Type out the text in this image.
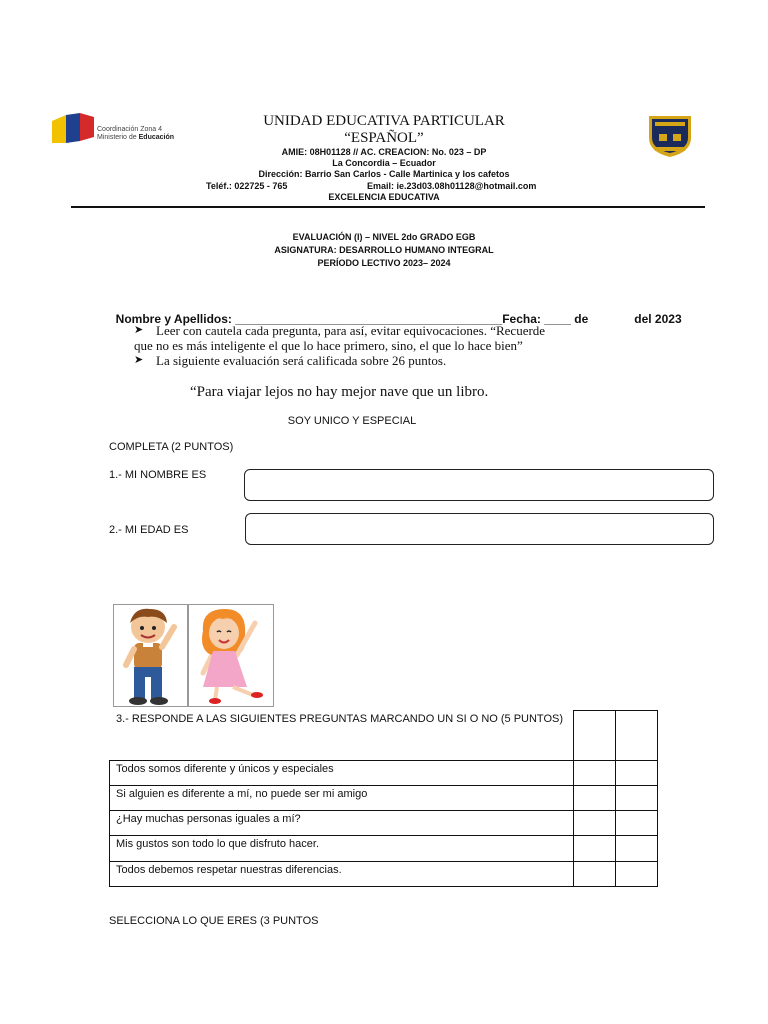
Coordinación Zona 4
Ministerio de Educación
UNIDAD EDUCATIVA PARTICULAR
“ESPAÑOL”
AMIE: 08H01128 // AC. CREACION: No. 023 – DP
La Concordia – Ecuador
Dirección: Barrio San Carlos - Calle Martinica y los cafetos
Teléf.: 022725 - 765	Email: ie.23d03.08h01128@hotmail.com
EXCELENCIA EDUCATIVA
EVALUACIÓN (I) – NIVEL 2do GRADO EGB
ASIGNATURA: DESARROLLO HUMANO INTEGRAL
PERÍODO LECTIVO 2023– 2024

Nombre y Apellidos: ________________________________________Fecha: ____ de	del 2023

➤ Leer con cautela cada pregunta, para así, evitar equivocaciones. “Recuerde
que no es más inteligente el que lo hace primero, sino, el que lo hace bien”
➤ La siguiente evaluación será calificada sobre 26 puntos.
“Para viajar lejos no hay mejor nave que un libro.
SOY UNICO Y ESPECIAL
COMPLETA (2 PUNTOS)
1.- MI NOMBRE ES
2.- MI EDAD ES
3.- RESPONDE A LAS SIGUIENTES PREGUNTAS MARCANDO UN SI O NO (5 PUNTOS)
Todos somos diferente y únicos y especiales
Si alguien es diferente a mí, no puede ser mi amigo
¿Hay muchas personas iguales a mí?
Mis gustos son todo lo que disfruto hacer.
Todos debemos respetar nuestras diferencias.
SELECCIONA LO QUE ERES (3 PUNTOS
